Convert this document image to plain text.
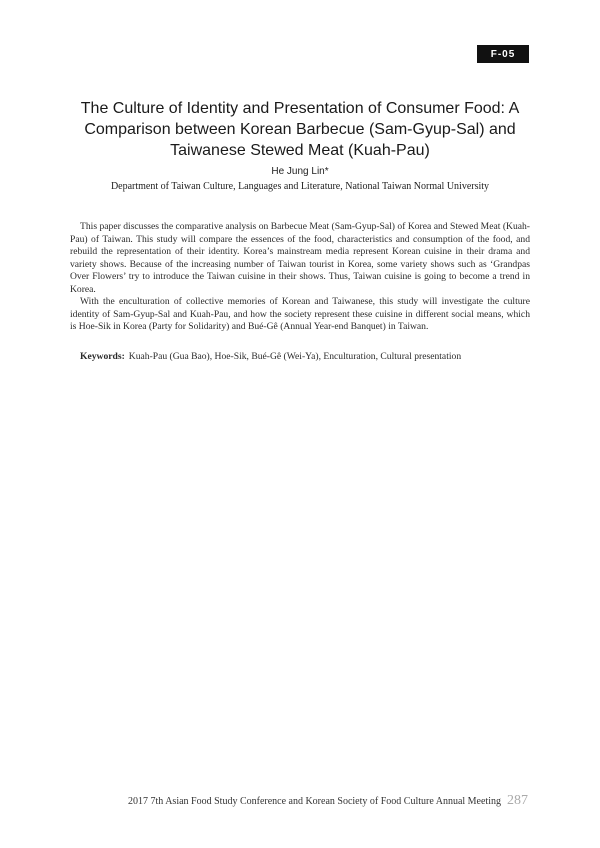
F-05
The Culture of Identity and Presentation of Consumer Food: A
Comparison between Korean Barbecue (Sam-Gyup-Sal) and
Taiwanese Stewed Meat (Kuah-Pau)
He Jung Lin*
Department of Taiwan Culture, Languages and Literature, National Taiwan Normal University

This paper discusses the comparative analysis on Barbecue Meat (Sam-Gyup-Sal) of Korea and Stewed Meat (Kuah-Pau) of Taiwan. This study will compare the essences of the food, characteristics and consumption of the food, and rebuild the representation of their identity. Korea’s mainstream media represent Korean cuisine in their drama and variety shows. Because of the increasing number of Taiwan tourist in Korea, some variety shows such as ‘Grandpas Over Flowers’ try to introduce the Taiwan cuisine in their shows. Thus, Taiwan cuisine is going to become a trend in Korea.

With the enculturation of collective memories of Korean and Taiwanese, this study will investigate the culture identity of Sam-Gyup-Sal and Kuah-Pau, and how the society represent these cuisine in different social means, which is Hoe-Sik in Korea (Party for Solidarity) and Bué-Gê (Annual Year-end Banquet) in Taiwan.

Keywords: Kuah-Pau (Gua Bao), Hoe-Sik, Bué-Gê (Wei-Ya), Enculturation, Cultural presentation
2017 7th Asian Food Study Conference and Korean Society of Food Culture Annual Meeting 287
